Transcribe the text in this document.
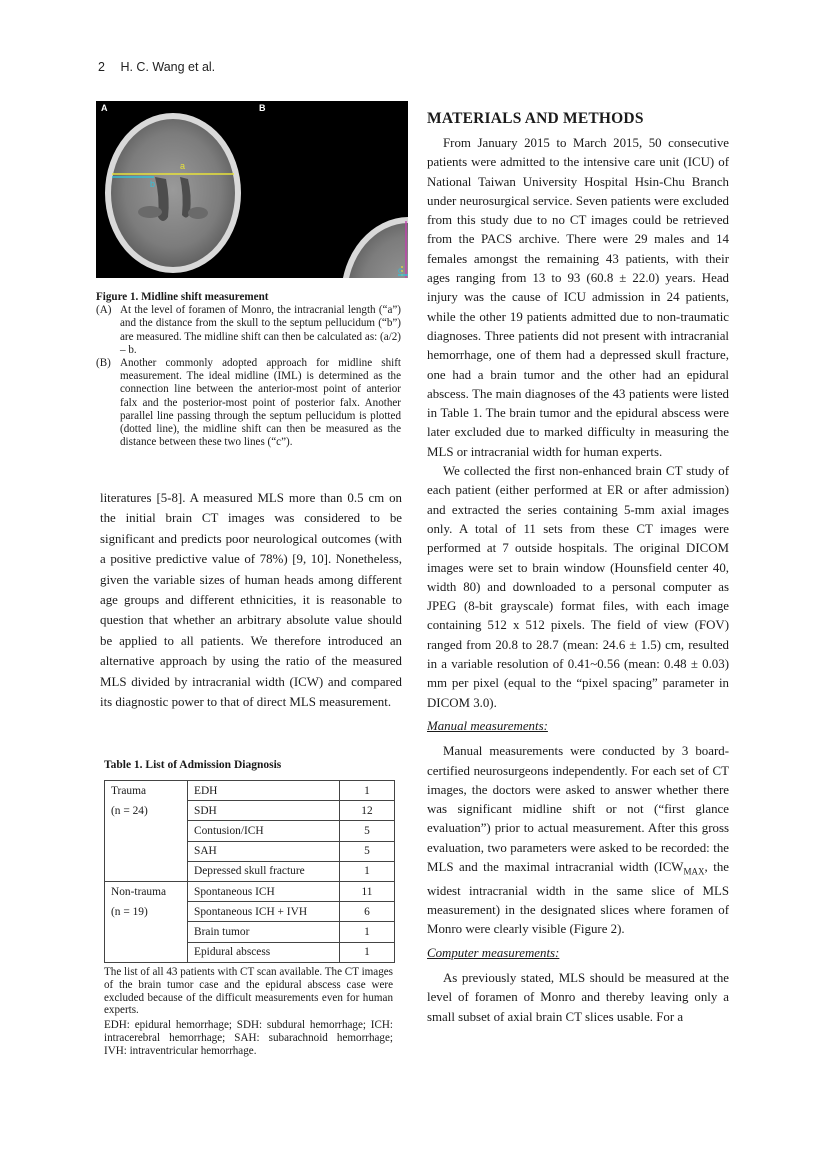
2 H. C. Wang et al.
A	B
a
b
c
IML
Figure 1. Midline shift measurement
(A) At the level of foramen of Monro, the intracranial length (“a”) and the distance from the skull to the septum pellucidum (“b”) are measured. The midline shift can then be calculated as: (a/2) – b.
(B) Another commonly adopted approach for midline shift measurement. The ideal midline (IML) is determined as the connection line between the anterior-most point of anterior falx and the posterior-most point of posterior falx. Another parallel line passing through the septum pellucidum is plotted (dotted line), the midline shift can then be measured as the distance between these two lines (“c”).
literatures [5-8]. A measured MLS more than 0.5 cm on the initial brain CT images was considered to be significant and predicts poor neurological outcomes (with a positive predictive value of 78%) [9, 10]. Nonetheless, given the variable sizes of human heads among different age groups and different ethnicities, it is reasonable to question that whether an arbitrary absolute value should be applied to all patients. We therefore introduced an alternative approach by using the ratio of the measured MLS divided by intracranial width (ICW) and compared its diagnostic power to that of direct MLS measurement.
Table 1. List of Admission Diagnosis
Trauma	EDH	1
(n = 24)	SDH	12
	Contusion/ICH	5
	SAH	5
	Depressed skull fracture	1
Non-trauma	Spontaneous ICH	11
(n = 19)	Spontaneous ICH + IVH	6
	Brain tumor	1
	Epidural abscess	1

The list of all 43 patients with CT scan available. The CT images of the brain tumor case and the epidural abscess case were excluded because of the difficult measurements even for human experts.

EDH: epidural hemorrhage; SDH: subdural hemorrhage; ICH: intracerebral hemorrhage; SAH: subarachnoid hemorrhage; IVH: intraventricular hemorrhage.

MATERIALS AND METHODS

From January 2015 to March 2015, 50 consecutive patients were admitted to the intensive care unit (ICU) of National Taiwan University Hospital Hsin-Chu Branch under neurosurgical service. Seven patients were excluded from this study due to no CT images could be retrieved from the PACS archive. There were 29 males and 14 females amongst the remaining 43 patients, with their ages ranging from 13 to 93 (60.8 ± 22.0) years. Head injury was the cause of ICU admission in 24 patients, while the other 19 patients admitted due to non-traumatic diagnoses. Three patients did not present with intracranial hemorrhage, one of them had a depressed skull fracture, one had a brain tumor and the other had an epidural abscess. The main diagnoses of the 43 patients were listed in Table 1. The brain tumor and the epidural abscess were later excluded due to marked difficulty in measuring the MLS or intracranial width for human experts.

We collected the first non-enhanced brain CT study of each patient (either performed at ER or after admission) and extracted the series containing 5-mm axial images only. A total of 11 sets from these CT images were performed at 7 outside hospitals. The original DICOM images were set to brain window (Hounsfield center 40, width 80) and downloaded to a personal computer as JPEG (8-bit grayscale) format files, with each image containing 512 x 512 pixels. The field of view (FOV) ranged from 20.8 to 28.7 (mean: 24.6 ± 1.5) cm, resulted in a variable resolution of 0.41~0.56 (mean: 0.48 ± 0.03) mm per pixel (equal to the “pixel spacing” parameter in DICOM 3.0).

Manual measurements:

Manual measurements were conducted by 3 board-certified neurosurgeons independently. For each set of CT images, the doctors were asked to answer whether there was significant midline shift or not (“first glance evaluation”) prior to actual measurement. After this gross evaluation, two parameters were asked to be recorded: the MLS and the maximal intracranial width ($ICW_{MAX}$, the widest intracranial width in the same slice of MLS measurement) in the designated slices where foramen of Monro were clearly visible (Figure 2).

Computer measurements:

As previously stated, MLS should be measured at the level of foramen of Monro and thereby leaving only a small subset of axial brain CT slices usable. For a
